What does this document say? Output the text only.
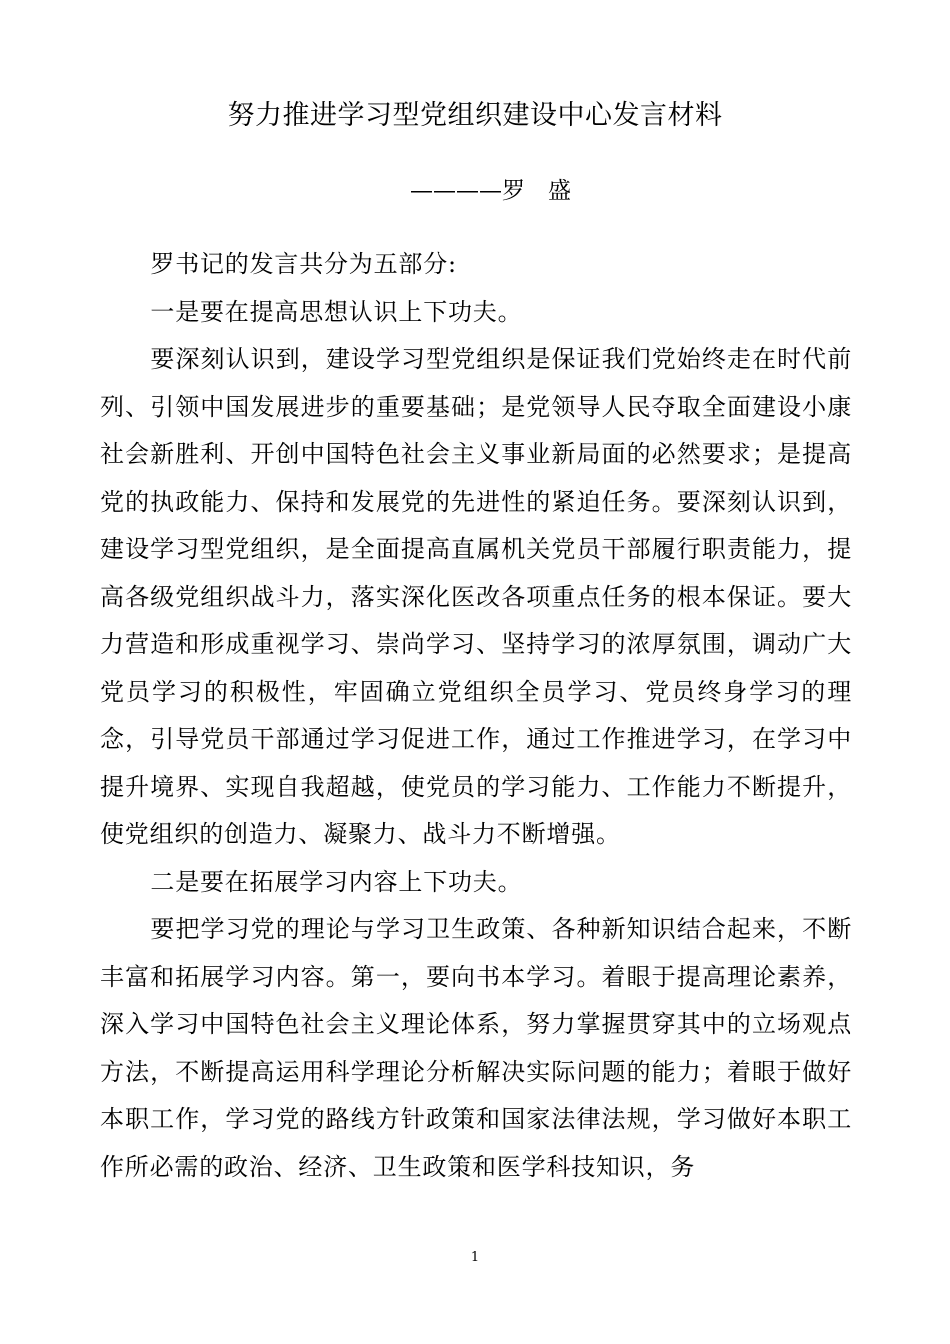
努力推进学习型党组织建设中心发言材料
————罗　盛

罗书记的发言共分为五部分:

一是要在提高思想认识上下功夫。

要深刻认识到，建设学习型党组织是保证我们党始终走在时代前列、引领中国发展进步的重要基础；是党领导人民夺取全面建设小康社会新胜利、开创中国特色社会主义事业新局面的必然要求；是提高党的执政能力、保持和发展党的先进性的紧迫任务。要深刻认识到，建设学习型党组织，是全面提高直属机关党员干部履行职责能力，提高各级党组织战斗力，落实深化医改各项重点任务的根本保证。要大力营造和形成重视学习、崇尚学习、坚持学习的浓厚氛围，调动广大党员学习的积极性，牢固确立党组织全员学习、党员终身学习的理念，引导党员干部通过学习促进工作，通过工作推进学习，在学习中提升境界、实现自我超越，使党员的学习能力、工作能力不断提升，使党组织的创造力、凝聚力、战斗力不断增强。

二是要在拓展学习内容上下功夫。

要把学习党的理论与学习卫生政策、各种新知识结合起来，不断丰富和拓展学习内容。第一，要向书本学习。着眼于提高理论素养，深入学习中国特色社会主义理论体系，努力掌握贯穿其中的立场观点方法，不断提高运用科学理论分析解决实际问题的能力；着眼于做好本职工作，学习党的路线方针政策和国家法律法规，学习做好本职工作所必需的政治、经济、卫生政策和医学科技知识，务

1
